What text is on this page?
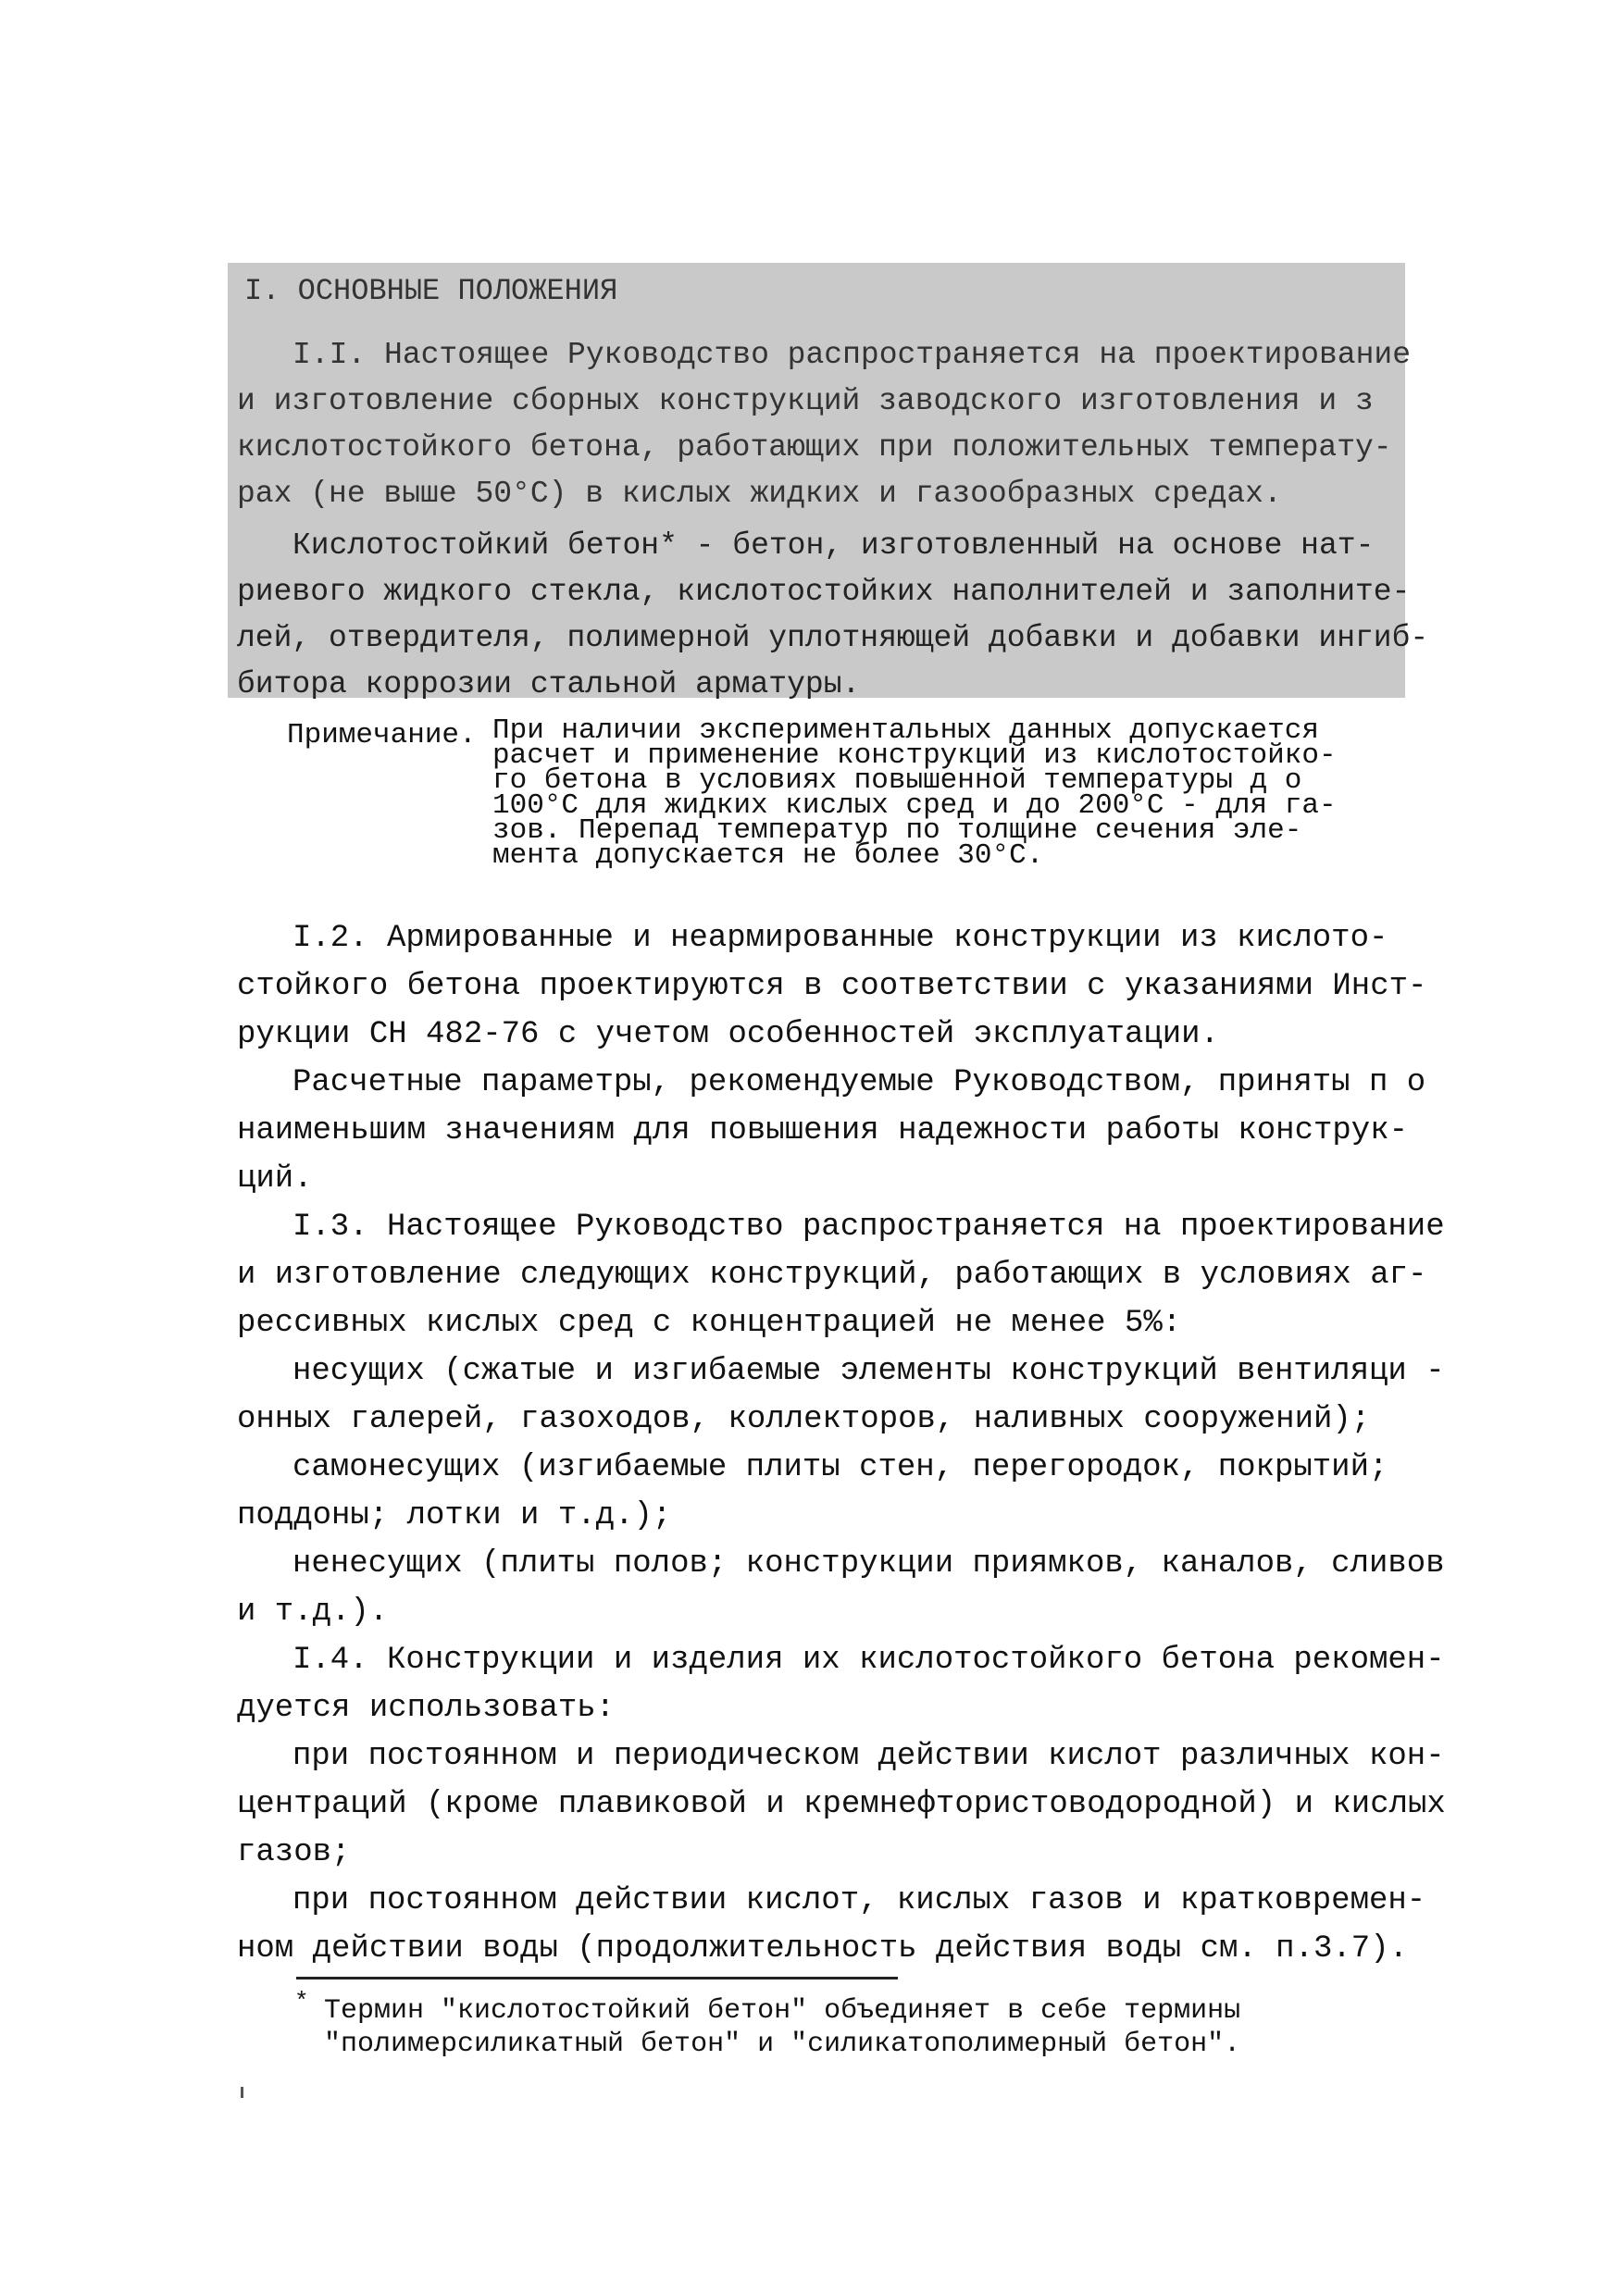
I. ОСНОВНЫЕ ПОЛОЖЕНИЯ
I.I. Настоящее Руководство распространяется на проектирование
и изготовление сборных конструкций заводского изготовления и з
кислотостойкого бетона, работающих при положительных температу-
рах (не выше 50°С) в кислых жидких и газообразных средах.
Кислотостойкий бетон* - бетон, изготовленный на основе нат-
риевого жидкого стекла, кислотостойких наполнителей и заполните-
лей, отвердителя, полимерной уплотняющей добавки и добавки ингиб-
битора коррозии стальной арматуры.
Примечание. При наличии экспериментальных данных допускается
расчет и применение конструкций из кислотостойко-
го бетона в условиях повышенной температуры д о
100°С для жидких кислых сред и до 200°С - для га-
зов. Перепад температур по толщине сечения эле-
мента допускается не более 30°С.
I.2. Армированные и неармированные конструкции из кислото-
стойкого бетона проектируются в соответствии с указаниями Инст-
рукции СН 482-76 с учетом особенностей эксплуатации.
Расчетные параметры, рекомендуемые Руководством, приняты п о
наименьшим значениям для повышения надежности работы конструк-
ций.
I.3. Настоящее Руководство распространяется на проектирование
и изготовление следующих конструкций, работающих в условиях аг-
рессивных кислых сред с концентрацией не менее 5%:
несущих (сжатые и изгибаемые элементы конструкций вентиляци -
онных галерей, газоходов, коллекторов, наливных сооружений);
самонесущих (изгибаемые плиты стен, перегородок, покрытий;
поддоны; лотки и т.д.);
ненесущих (плиты полов; конструкции приямков, каналов, сливов
и т.д.).
I.4. Конструкции и изделия их кислотостойкого бетона рекомен-
дуется использовать:
при постоянном и периодическом действии кислот различных кон-
центраций (кроме плавиковой и кремнефтористоводородной) и кислых
газов;
при постоянном действии кислот, кислых газов и кратковремен-
ном действии воды (продолжительность действия воды см. п.3.7).
* Термин "кислотостойкий бетон" объединяет в себе термины
"полимерсиликатный бетон" и "силикатополимерный бетон".
